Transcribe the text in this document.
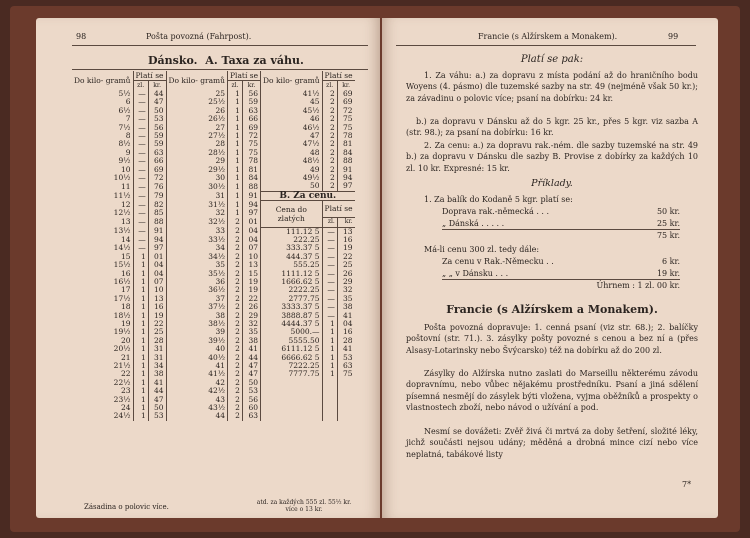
98	Pošta povozná (Fahrpost).
Dánsko. A. Taxa za váhu.
Do kilo- gramů	Platí se		Do kilo- gramů	Platí se		Do kilo- gramů	Platí se	
	zl.	kr.		zl.	kr.		zl.	kr.
5½	—	44	25	1	56	41½	2	69
6	—	47	25½	1	59	45	2	69
6½	—	50	26	1	63	45½	2	72
7	—	53	26½	1	66	46	2	75
7½	—	56	27	1	69	46½	2	75
8	—	59	27½	1	72	47	2	78
8½	—	59	28	1	75	47½	2	81
9	—	63	28½	1	75	48	2	84
9½	—	66	29	1	78	48½	2	88
10	—	69	29½	1	81	49	2	91
10½	—	72	30	1	84	49½	2	94
11	—	76	30½	1	88	50	2	97
11½	—	79	31	1	91	B. Za cenu.		
12	—	82	31½	1	94	Cena do zlatých	Platí se	
12½	—	85	32	1	97			
13	—	88	32½	2	01		zl.	kr.
13½	—	91	33	2	04	111.12 5	—	13
14	—	94	33½	2	04	222.25	—	16
14½	—	97	34	2	07	333.37 5	—	19
15	1	01	34½	2	10	444.37 5	—	22
15½	1	04	35	2	13	555.25	—	25
16	1	04	35½	2	15	1111.12 5	—	26
16½	1	07	36	2	19	1666.62 5	—	29
17	1	10	36½	2	19	2222.25	—	32
17½	1	13	37	2	22	2777.75	—	35
18	1	16	37½	2	26	3333.37 5	—	38
18½	1	19	38	2	29	3888.87 5	—	41
19	1	22	38½	2	32	4444.37 5	1	04
19½	1	25	39	2	35	5000.—	1	16
20	1	28	39½	2	38	5555.50	1	28
20½	1	31	40	2	41	6111.12 5	1	41
21	1	31	40½	2	44	6666.62 5	1	53
21½	1	34	41	2	47	7222.25	1	63
22	1	38	41½	2	47	7777.75	1	75
22½	1	41	42	2	50			
23	1	44	42½	2	53			
23½	1	47	43	2	56			
24	1	50	43½	2	60			
24½	1	53	44	2	63			
Zásadina o polovic více.
atd. za každých 555 zl. 55½ kr. více o 13 kr.
Francie (s Alžírskem a Monakem).	99
Platí se pak:
1. Za váhu: a.) za dopravu z místa podání až do hraničního bodu Woyens (4. pásmo) dle tuzemské sazby na str. 49 (nejméně však 50 kr.); za závadinu o polovic více; psaní na dobírku: 24 kr.
b.) za dopravu v Dánsku až do 5 kgr. 25 kr., přes 5 kgr. viz sazba A (str. 98.); za psaní na dobírku: 16 kr.
2. Za cenu: a.) za dopravu rak.-ném. dle sazby tuzemské na str. 49 b.) za dopravu v Dánsku dle sazby B. Provise z dobírky za každých 10 zl. 10 kr. Expresné: 15 kr.
Příklady.
1. Za balík do Kodaně 5 kgr. platí se:
Doprava rak.-německá . . .	50 kr.
„ Dánská . . . . .	25 kr.
75 kr.
Má-li cenu 300 zl. tedy dále:
Za cenu v Rak.-Německu . .	6 kr.
„ „ v Dánsku . . .	19 kr.
Úhrnem : 1 zl. 00 kr.
Francie (s Alžírskem a Monakem).
Pošta povozná dopravuje: 1. cenná psaní (viz str. 68.); 2. balíčky poštovní (str. 71.). 3. zásylky pošty povozné s cenou a bez ní a (přes Alsasy-Lotarinsky nebo Švýcarsko) též na dobírku až do 200 zl.
Zásylky do Alžírska nutno zaslati do Marseillu některému závodu dopravnímu, nebo vůbec nějakému prostředníku. Psaní a jiná sdělení písemná nesmějí do zásylek býti vložena, vyjma oběžníků a prospekty o vlastnostech zboží, nebo návod o užívání a pod.
Nesmí se dovážeti: Zvěř živá či mrtvá za doby šetření, složité léky, jichž součásti nejsou udány; měděná a drobná mince cizí nebo více neplatná, tabákové listy
7*
